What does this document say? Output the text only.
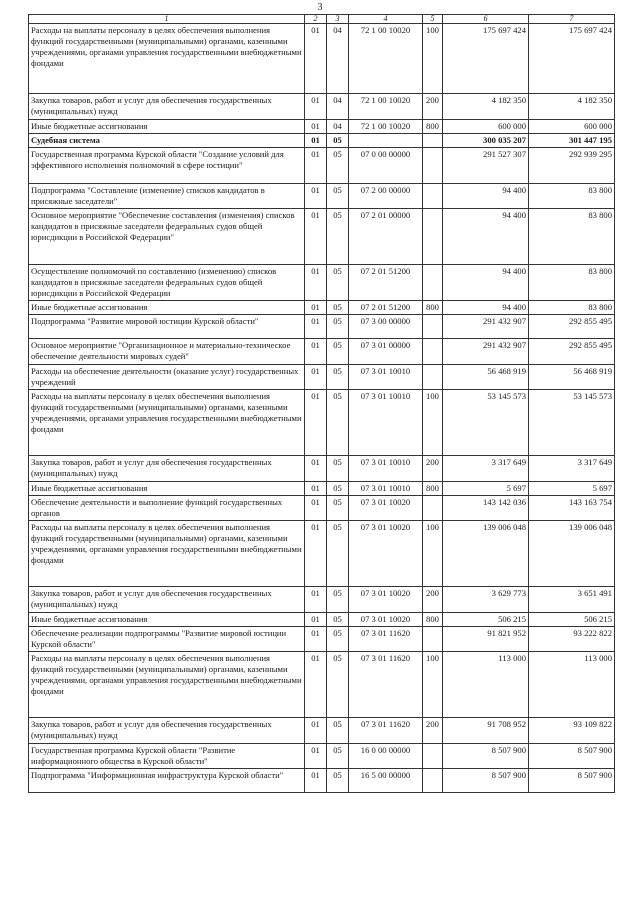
3
1	2	3	4	5	6	7
Расходы на выплаты персоналу в целях обеспечения выполнения функций государственными (муниципальными) органами, казенными учреждениями, органами управления государственными внебюджетными фондами	01	04	72 1 00 10020	100	175 697 424	175 697 424
Закупка товаров, работ и услуг для обеспечения государственных (муниципальных) нужд	01	04	72 1 00 10020	200	4 182 350	4 182 350
Иные бюджетные ассигнования	01	04	72 1 00 10020	800	600 000	600 000
Судебная система	01	05			300 035 207	301 447 195
Государственная программа Курской области "Создание условий для эффективного исполнения полномочий в сфере юстиции"	01	05	07 0 00 00000		291 527 307	292 939 295
Подпрограмма "Составление (изменение) списков кандидатов в присяжные заседатели"	01	05	07 2 00 00000		94 400	83 800
Основное мероприятие "Обеспечение составления (изменения) списков кандидатов в присяжные заседатели федеральных судов общей юрисдикции в Российской Федерации"	01	05	07 2 01 00000		94 400	83 800
Осуществление полномочий по составлению (изменению) списков кандидатов в присяжные заседатели федеральных судов общей юрисдикции в Российской Федерации	01	05	07 2 01 51200		94 400	83 800
Иные бюджетные ассигнования	01	05	07 2 01 51200	800	94 400	83 800
Подпрограмма "Развитие мировой юстиции Курской области"	01	05	07 3 00 00000		291 432 907	292 855 495
Основное мероприятие "Организационное и материально-техническое обеспечение деятельности мировых судей"	01	05	07 3 01 00000		291 432 907	292 855 495
Расходы на обеспечение деятельности (оказание услуг) государственных учреждений	01	05	07 3 01 10010		56 468 919	56 468 919
Расходы на выплаты персоналу в целях обеспечения выполнения функций государственными (муниципальными) органами, казенными учреждениями, органами управления государственными внебюджетными фондами	01	05	07 3 01 10010	100	53 145 573	53 145 573
Закупка товаров, работ и услуг для обеспечения государственных (муниципальных) нужд	01	05	07 3 01 10010	200	3 317 649	3 317 649
Иные бюджетные ассигнования	01	05	07 3 01 10010	800	5 697	5 697
Обеспечение деятельности и выполнение функций государственных органов	01	05	07 3 01 10020		143 142 036	143 163 754
Расходы на выплаты персоналу в целях обеспечения выполнения функций государственными (муниципальными) органами, казенными учреждениями, органами управления государственными внебюджетными фондами	01	05	07 3 01 10020	100	139 006 048	139 006 048
Закупка товаров, работ и услуг для обеспечения государственных (муниципальных) нужд	01	05	07 3 01 10020	200	3 629 773	3 651 491
Иные бюджетные ассигнования	01	05	07 3 01 10020	800	506 215	506 215
Обеспечение реализации подпрограммы "Развитие мировой юстиции Курской области"	01	05	07 3 01 11620		91 821 952	93 222 822
Расходы на выплаты персоналу в целях обеспечения выполнения функций государственными (муниципальными) органами, казенными учреждениями, органами управления государственными внебюджетными фондами	01	05	07 3 01 11620	100	113 000	113 000
Закупка товаров, работ и услуг для обеспечения государственных (муниципальных) нужд	01	05	07 3 01 11620	200	91 708 952	93 109 822
Государственная программа Курской области "Развитие информационного общества в Курской области"	01	05	16 0 00 00000		8 507 900	8 507 900
Подпрограмма "Информационная инфраструктура Курской области"	01	05	16 5 00 00000		8 507 900	8 507 900
